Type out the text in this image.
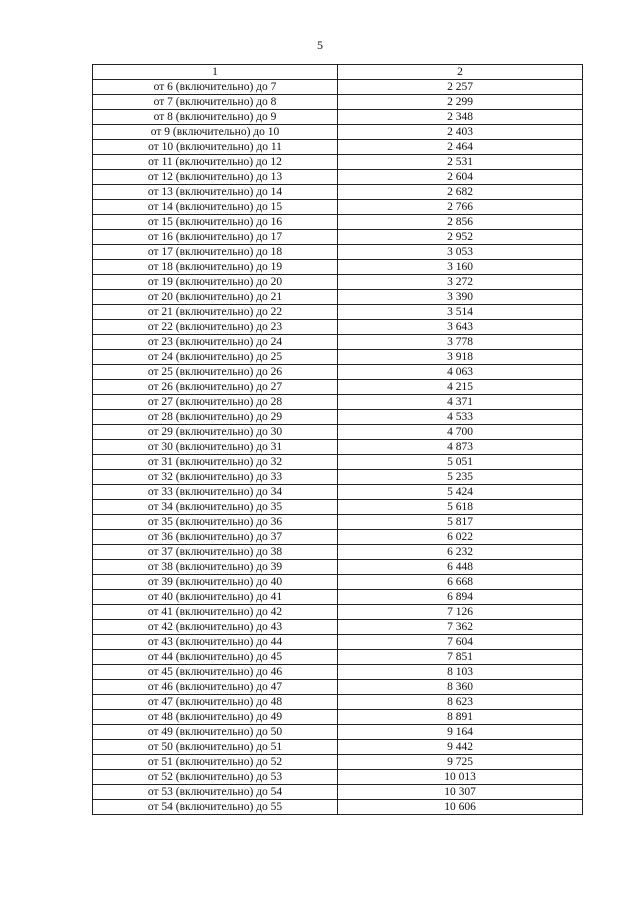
5
1	2
от 6 (включительно) до 7	2 257
от 7 (включительно) до 8	2 299
от 8 (включительно) до 9	2 348
от 9 (включительно) до 10	2 403
от 10 (включительно) до 11	2 464
от 11 (включительно) до 12	2 531
от 12 (включительно) до 13	2 604
от 13 (включительно) до 14	2 682
от 14 (включительно) до 15	2 766
от 15 (включительно) до 16	2 856
от 16 (включительно) до 17	2 952
от 17 (включительно) до 18	3 053
от 18 (включительно) до 19	3 160
от 19 (включительно) до 20	3 272
от 20 (включительно) до 21	3 390
от 21 (включительно) до 22	3 514
от 22 (включительно) до 23	3 643
от 23 (включительно) до 24	3 778
от 24 (включительно) до 25	3 918
от 25 (включительно) до 26	4 063
от 26 (включительно) до 27	4 215
от 27 (включительно) до 28	4 371
от 28 (включительно) до 29	4 533
от 29 (включительно) до 30	4 700
от 30 (включительно) до 31	4 873
от 31 (включительно) до 32	5 051
от 32 (включительно) до 33	5 235
от 33 (включительно) до 34	5 424
от 34 (включительно) до 35	5 618
от 35 (включительно) до 36	5 817
от 36 (включительно) до 37	6 022
от 37 (включительно) до 38	6 232
от 38 (включительно) до 39	6 448
от 39 (включительно) до 40	6 668
от 40 (включительно) до 41	6 894
от 41 (включительно) до 42	7 126
от 42 (включительно) до 43	7 362
от 43 (включительно) до 44	7 604
от 44 (включительно) до 45	7 851
от 45 (включительно) до 46	8 103
от 46 (включительно) до 47	8 360
от 47 (включительно) до 48	8 623
от 48 (включительно) до 49	8 891
от 49 (включительно) до 50	9 164
от 50 (включительно) до 51	9 442
от 51 (включительно) до 52	9 725
от 52 (включительно) до 53	10 013
от 53 (включительно) до 54	10 307
от 54 (включительно) до 55	10 606
